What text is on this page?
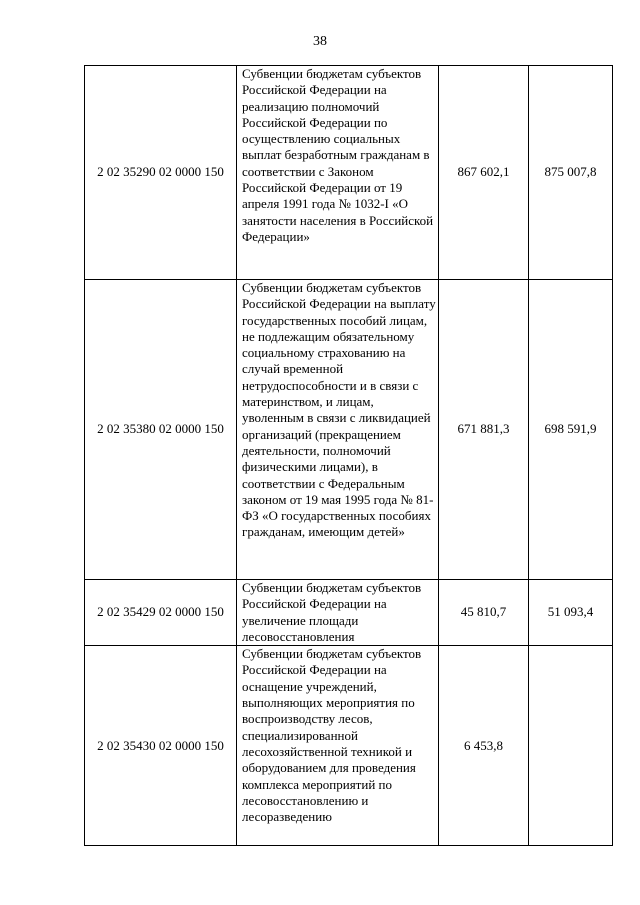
38
2 02 35290 02 0000 150	Субвенции бюджетам субъектов Российской Федерации на реализацию полномочий Российской Федерации по осуществлению социальных выплат безработным гражданам в соответствии с Законом Российской Федерации от 19 апреля 1991 года № 1032-I «О занятости населения в Российской Федерации»	867 602,1	875 007,8
2 02 35380 02 0000 150	Субвенции бюджетам субъектов Российской Федерации на выплату государственных пособий лицам, не подлежащим обязательному социальному страхованию на случай временной нетрудоспособности и в связи с материнством, и лицам, уволенным в связи с ликвидацией организаций (прекращением деятельности, полномочий физическими лицами), в соответствии с Федеральным законом от 19 мая 1995 года № 81-ФЗ «О государственных пособиях гражданам, имеющим детей»	671 881,3	698 591,9
2 02 35429 02 0000 150	Субвенции бюджетам субъектов Российской Федерации на увеличение площади лесовосстановления	45 810,7	51 093,4
2 02 35430 02 0000 150	Субвенции бюджетам субъектов Российской Федерации на оснащение учреждений, выполняющих мероприятия по воспроизводству лесов, специализированной лесохозяйственной техникой и оборудованием для проведения комплекса мероприятий по лесовосстановлению и лесоразведению	6 453,8	
